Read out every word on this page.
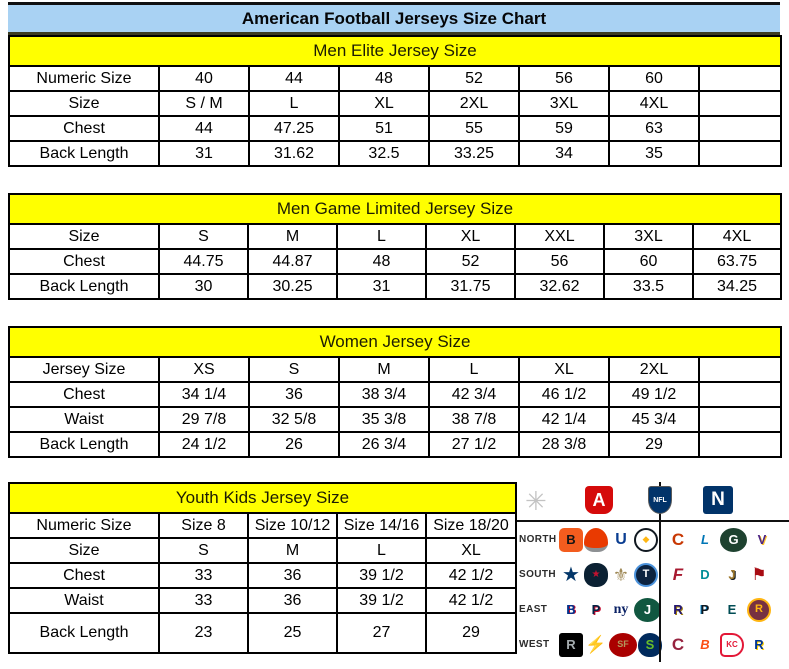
American Football Jerseys Size Chart
Men Elite Jersey Size							
Numeric Size	40	44	48	52	56	60	
Size	S / M	L	XL	2XL	3XL	4XL	
Chest	44	47.25	51	55	59	63	
Back Length	31	31.62	32.5	33.25	34	35	
Men Game Limited Jersey Size							
Size	S	M	L	XL	XXL	3XL	4XL
Chest	44.75	44.87	48	52	56	60	63.75
Back Length	30	30.25	31	31.75	32.62	33.5	34.25
Women Jersey Size							
Jersey Size	XS	S	M	L	XL	2XL	
Chest	34 1/4	36	38 3/4	42 3/4	46 1/2	49 1/2	
Waist	29 7/8	32 5/8	35 3/8	38 7/8	42 1/4	45 3/4	
Back Length	24 1/2	26	26 3/4	27 1/2	28 3/8	29	
Youth Kids Jersey Size				
Numeric Size	Size 8	Size 10/12	Size 14/16	Size 18/20
Size	S	M	L	XL
Chest	33	36	39 1/2	42 1/2
Waist	33	36	39 1/2	42 1/2
Back Length	23	25	27	29
✳	A	NFL	N
NORTH B	U	◆	C	L	G	V
SOUTH ★	★ ⚜	T	F	D	J ⚑
EAST	B	P ny	J	R	P	E	R
WEST	R ⚡	SF	S	C	B	KC	R
